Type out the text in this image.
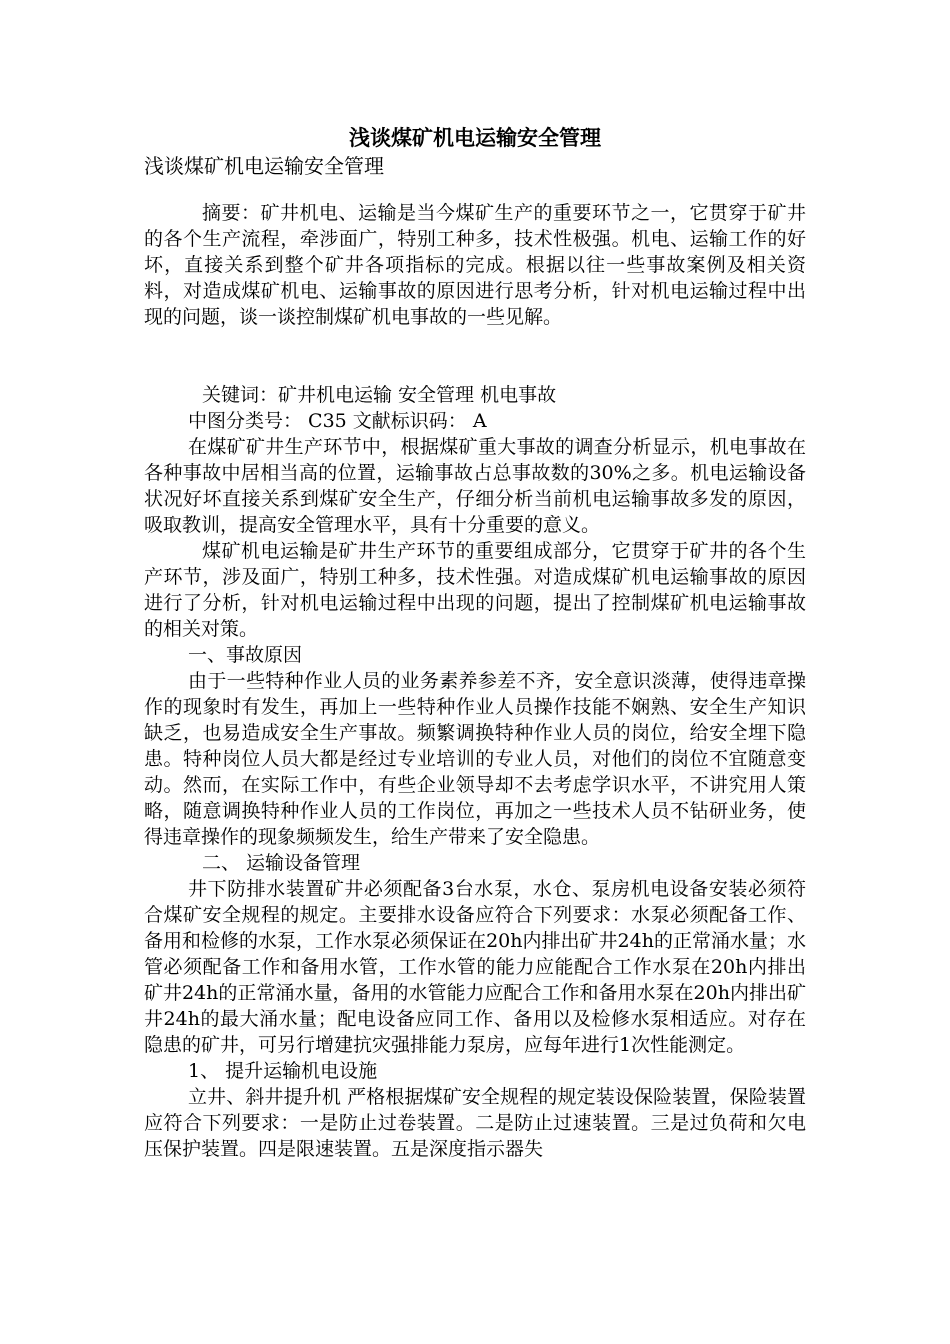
浅谈煤矿机电运输安全管理
浅谈煤矿机电运输安全管理

摘要：矿井机电、运输是当今煤矿生产的重要环节之一，它贯穿于矿井的各个生产流程，牵涉面广，特别工种多，技术性极强。机电、运输工作的好坏，直接关系到整个矿井各项指标的完成。根据以往一些事故案例及相关资料，对造成煤矿机电、运输事故的原因进行思考分析，针对机电运输过程中出现的问题，谈一谈控制煤矿机电事故的一些见解。

关键词：矿井机电运输 安全管理 机电事故

中图分类号： C35 文献标识码： A

在煤矿矿井生产环节中，根据煤矿重大事故的调查分析显示，机电事故在各种事故中居相当高的位置，运输事故占总事故数的30%之多。机电运输设备状况好坏直接关系到煤矿安全生产，仔细分析当前机电运输事故多发的原因，吸取教训，提高安全管理水平，具有十分重要的意义。

煤矿机电运输是矿井生产环节的重要组成部分，它贯穿于矿井的各个生产环节，涉及面广，特别工种多，技术性强。对造成煤矿机电运输事故的原因进行了分析，针对机电运输过程中出现的问题，提出了控制煤矿机电运输事故的相关对策。

一、事故原因

由于一些特种作业人员的业务素养参差不齐，安全意识淡薄，使得违章操作的现象时有发生，再加上一些特种作业人员操作技能不娴熟、安全生产知识缺乏，也易造成安全生产事故。频繁调换特种作业人员的岗位，给安全埋下隐患。特种岗位人员大都是经过专业培训的专业人员，对他们的岗位不宜随意变动。然而，在实际工作中，有些企业领导却不去考虑学识水平，不讲究用人策略，随意调换特种作业人员的工作岗位，再加之一些技术人员不钻研业务，使得违章操作的现象频频发生，给生产带来了安全隐患。

二、 运输设备管理

井下防排水装置矿井必须配备3台水泵，水仓、泵房机电设备安装必须符合煤矿安全规程的规定。主要排水设备应符合下列要求：水泵必须配备工作、备用和检修的水泵，工作水泵必须保证在20h内排出矿井24h的正常涌水量；水管必须配备工作和备用水管，工作水管的能力应能配合工作水泵在20h内排出矿井24h的正常涌水量，备用的水管能力应配合工作和备用水泵在20h内排出矿井24h的最大涌水量；配电设备应同工作、备用以及检修水泵相适应。对存在隐患的矿井，可另行增建抗灾强排能力泵房，应每年进行1次性能测定。

1、 提升运输机电设施

立井、斜井提升机 严格根据煤矿安全规程的规定装设保险装置，保险装置应符合下列要求：一是防止过卷装置。二是防止过速装置。三是过负荷和欠电压保护装置。四是限速装置。五是深度指示器失
